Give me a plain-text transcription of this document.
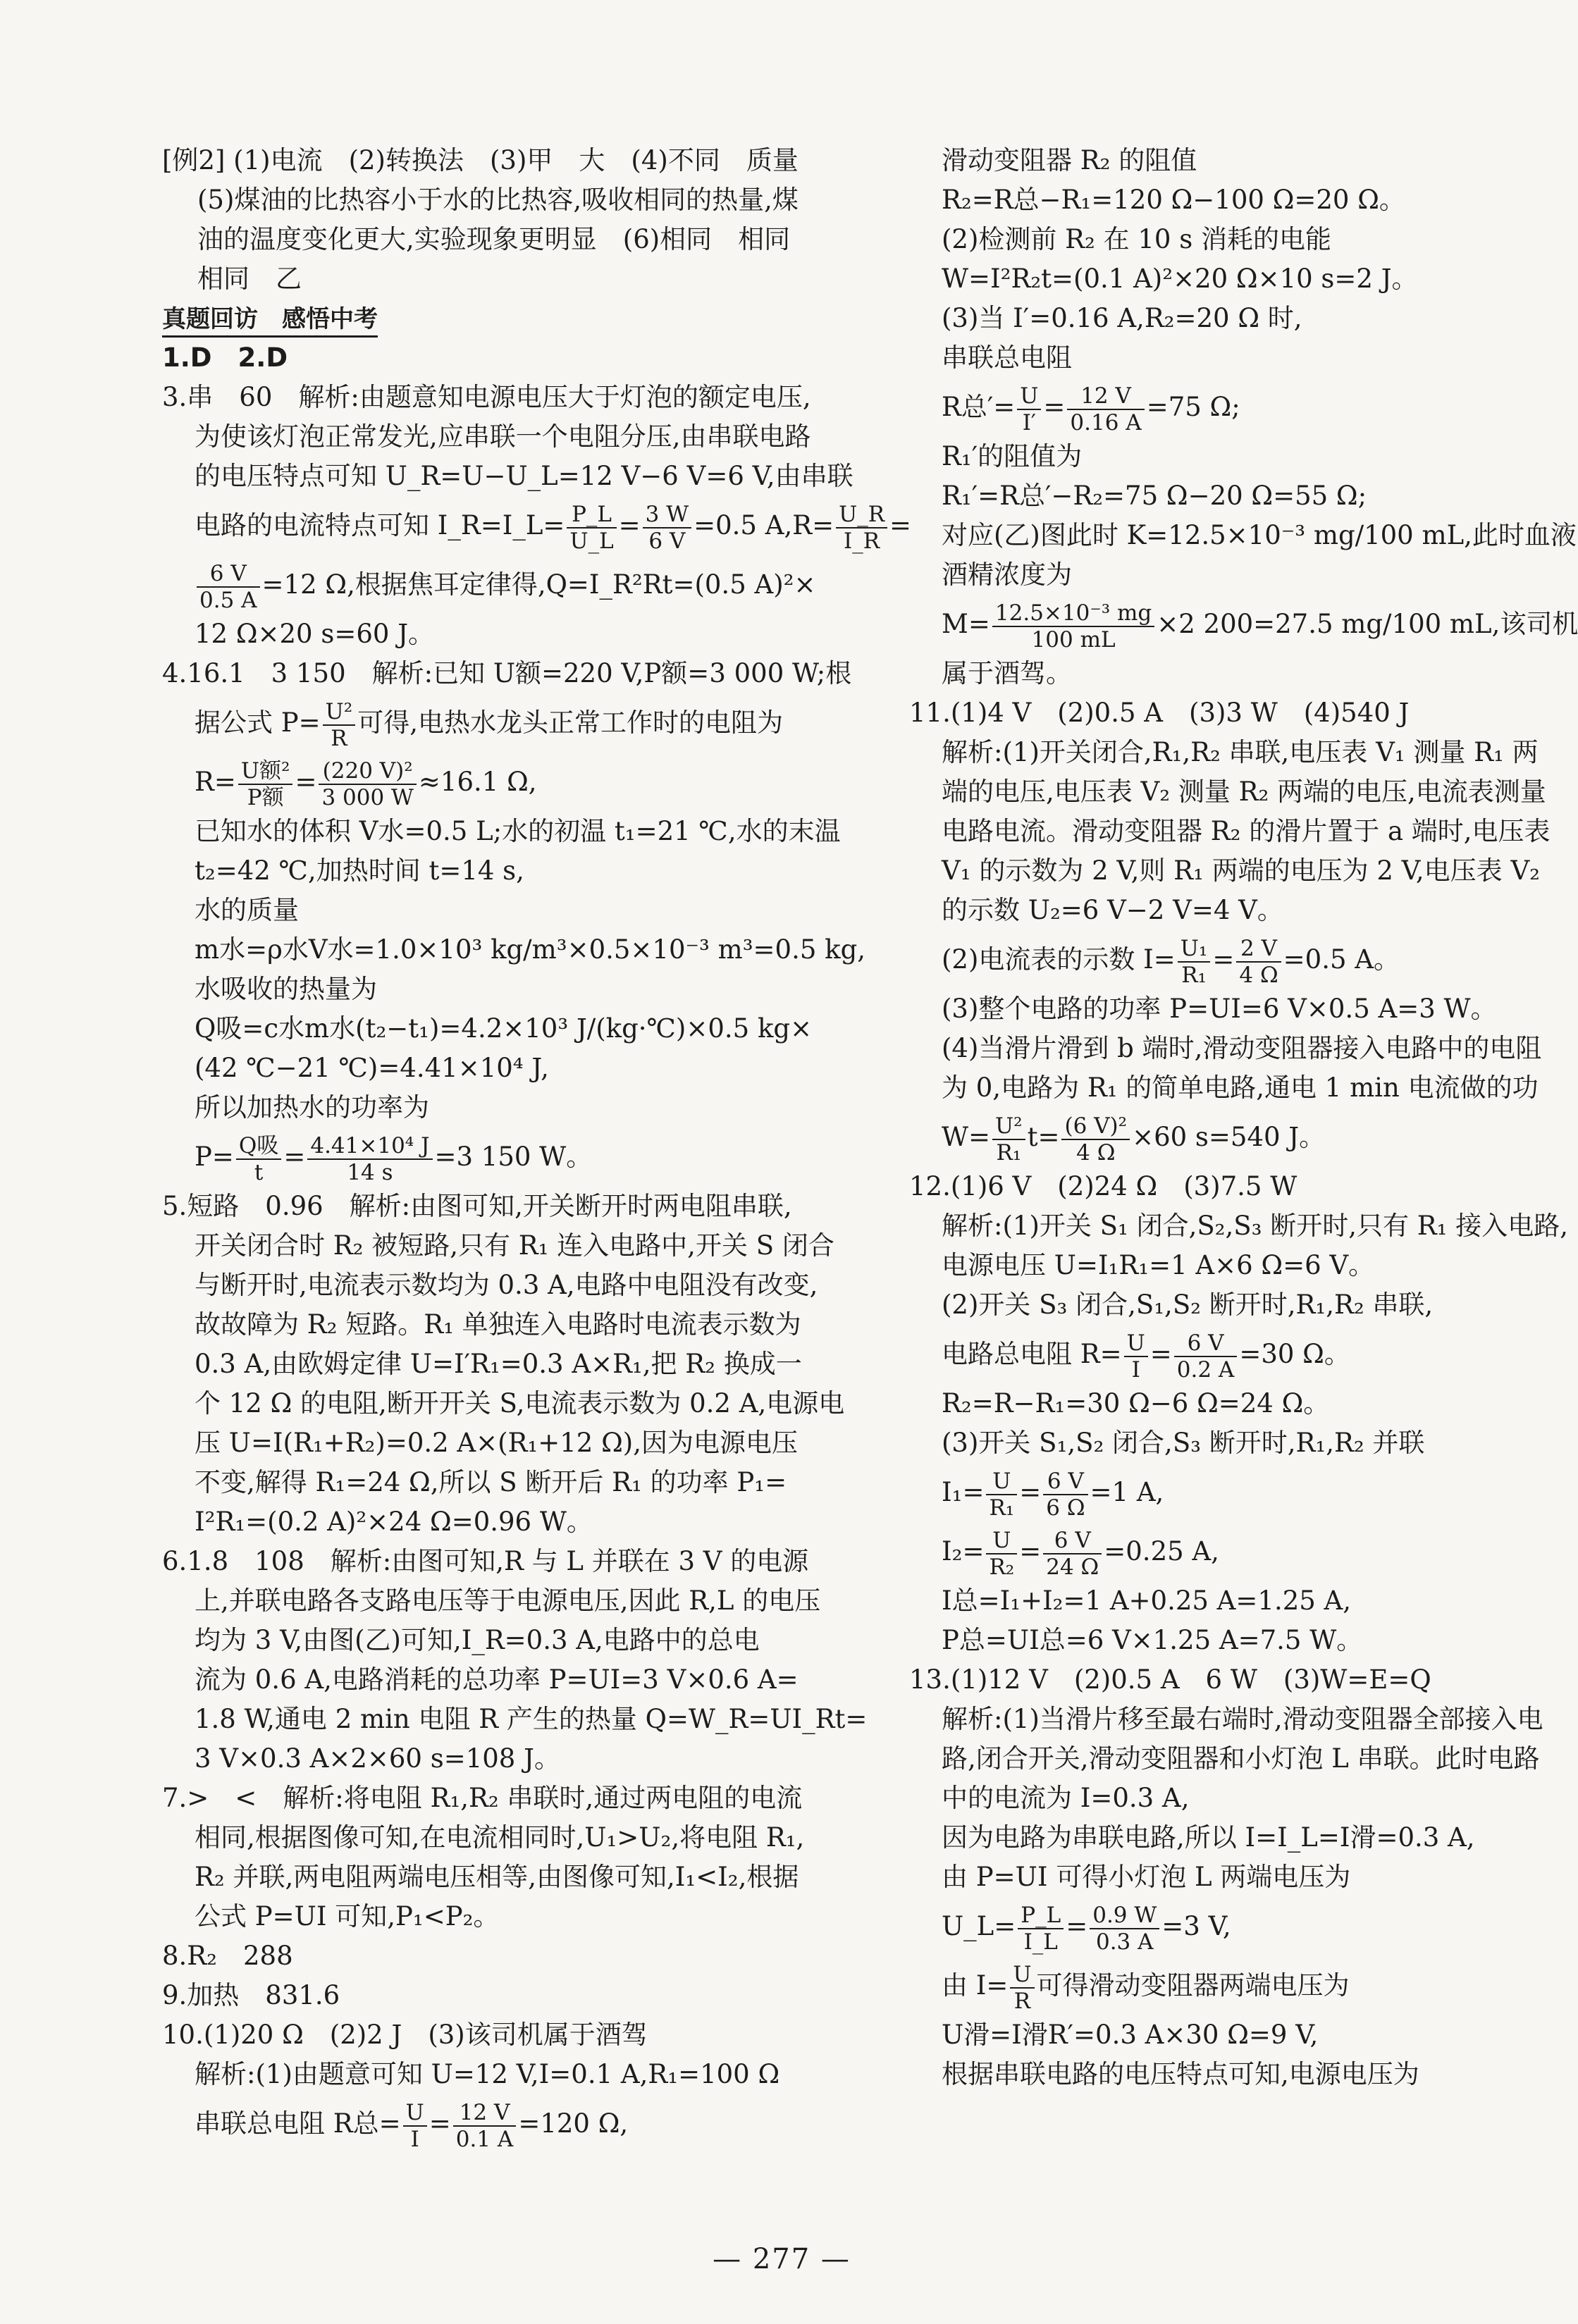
[例2] (1)电流　(2)转换法　(3)甲　大　(4)不同　质量
(5)煤油的比热容小于水的比热容,吸收相同的热量,煤
油的温度变化更大,实验现象更明显　(6)相同　相同
相同　乙
真题回访　感悟中考
1.D　2.D
3.串　60　解析:由题意知电源电压大于灯泡的额定电压,
为使该灯泡正常发光,应串联一个电阻分压,由串联电路
的电压特点可知 U_R=U−U_L=12 V−6 V=6 V,由串联
电路的电流特点可知 I_R=I_L= $\frac{P\_L}{U\_L} = \frac{3 W}{6 V} =0.5$ $A,R= \frac{U\_R}{I\_R}$ =
$\frac{6 V}{0.5 A} =12$ Ω,根据焦耳定律得,Q=I_R²Rt=(0.5 A)²×
12 Ω×20 s=60 J。
4.16.1　3 150　解析:已知 U额=220 V,P额=3 000 W;根
据公式 $P= \frac{\text{U²}}{R}$ 可得,电热水龙头正常工作时的电阻为
$R= \frac{\text{U额²}}{\text{P额}} = \frac{\text{(220 V)²}}{3 000 W} \approx 16.1$ Ω,
已知水的体积 V水=0.5 L;水的初温 t₁=21 ℃,水的末温
t₂=42 ℃,加热时间 t=14 s,
水的质量
m水=ρ水V水=1.0×10³ kg/m³×0.5×10⁻³ m³=0.5 kg,
水吸收的热量为
Q吸=c水m水(t₂−t₁)=4.2×10³ J/(kg·℃)×0.5 kg×
(42 ℃−21 ℃)=4.41×10⁴ J,
所以加热水的功率为
$P= \frac{\text{Q吸}}{t} = \frac{\text{4.41×10⁴ J}}{14 s} =3$ 150 W。
5.短路　0.96　解析:由图可知,开关断开时两电阻串联,
开关闭合时 R₂ 被短路,只有 R₁ 连入电路中,开关 S 闭合
与断开时,电流表示数均为 0.3 A,电路中电阻没有改变,
故故障为 R₂ 短路。R₁ 单独连入电路时电流表示数为
0.3 A,由欧姆定律 U=I′R₁=0.3 A×R₁,把 R₂ 换成一
个 12 Ω 的电阻,断开开关 S,电流表示数为 0.2 A,电源电
压 U=I(R₁+R₂)=0.2 A×(R₁+12 Ω),因为电源电压
不变,解得 R₁=24 Ω,所以 S 断开后 R₁ 的功率 P₁=
I²R₁=(0.2 A)²×24 Ω=0.96 W。
6.1.8　108　解析:由图可知,R 与 L 并联在 3 V 的电源
上,并联电路各支路电压等于电源电压,因此 R,L 的电压
均为 3 V,由图(乙)可知,I_R=0.3 A,电路中的总电
流为 0.6 A,电路消耗的总功率 P=UI=3 V×0.6 A=
1.8 W,通电 2 min 电阻 R 产生的热量 Q=W_R=UI_Rt=
3 V×0.3 A×2×60 s=108 J。
7.>　<　解析:将电阻 R₁,R₂ 串联时,通过两电阻的电流
相同,根据图像可知,在电流相同时,U₁>U₂,将电阻 R₁,
R₂ 并联,两电阻两端电压相等,由图像可知,I₁<I₂,根据
公式 P=UI 可知,P₁<P₂。
8.R₂　288
9.加热　831.6
10.(1)20 Ω　(2)2 J　(3)该司机属于酒驾
解析:(1)由题意可知 U=12 V,I=0.1 A,R₁=100 Ω
串联总电阻 R总= $\frac{U}{I} = \frac{12 V}{0.1 A} =120$ Ω,
滑动变阻器 R₂ 的阻值
R₂=R总−R₁=120 Ω−100 Ω=20 Ω。
(2)检测前 R₂ 在 10 s 消耗的电能
W=I²R₂t=(0.1 A)²×20 Ω×10 s=2 J。
(3)当 I′=0.16 A,R₂=20 Ω 时,
串联总电阻
R总′= $\frac{U}{I'} = \frac{12 V}{0.16 A} =75$ Ω;
R₁′的阻值为
R₁′=R总′−R₂=75 Ω−20 Ω=55 Ω;
对应(乙)图此时 K=12.5×10⁻³ mg/100 mL,此时血液
酒精浓度为
$M= \frac{\text{12.5×10⁻³ mg}}{100 mL} \times 2$ 200=27.5 mg/100 mL,该司机
属于酒驾。
11.(1)4 V　(2)0.5 A　(3)3 W　(4)540 J
解析:(1)开关闭合,R₁,R₂ 串联,电压表 V₁ 测量 R₁ 两
端的电压,电压表 V₂ 测量 R₂ 两端的电压,电流表测量
电路电流。滑动变阻器 R₂ 的滑片置于 a 端时,电压表
V₁ 的示数为 2 V,则 R₁ 两端的电压为 2 V,电压表 V₂
的示数 U₂=6 V−2 V=4 V。
(2)电流表的示数 $I= \frac{\text{U₁}}{\text{R₁}} = \frac{2 V}{4 \Omega} =0.5$ A。
(3)整个电路的功率 P=UI=6 V×0.5 A=3 W。
(4)当滑片滑到 b 端时,滑动变阻器接入电路中的电阻
为 0,电路为 R₁ 的简单电路,通电 1 min 电流做的功
$W= \frac{\text{U²}}{\text{R₁}} t= \frac{\text{(6 V)²}}{4 \Omega} \times 60$ s=540 J。
12.(1)6 V　(2)24 Ω　(3)7.5 W
解析:(1)开关 S₁ 闭合,S₂,S₃ 断开时,只有 R₁ 接入电路,
电源电压 U=I₁R₁=1 A×6 Ω=6 V。
(2)开关 S₃ 闭合,S₁,S₂ 断开时,R₁,R₂ 串联,
电路总电阻 $R= \frac{U}{I} = \frac{6 V}{0.2 A} =30$ Ω。
R₂=R−R₁=30 Ω−6 Ω=24 Ω。
(3)开关 S₁,S₂ 闭合,S₃ 断开时,R₁,R₂ 并联
$I_1= \frac{U}{\text{R₁}} = \frac{6 V}{6 \Omega} =1$ A,
$I_2= \frac{U}{\text{R₂}} = \frac{6 V}{24 \Omega} =0.25$ A,
I总=I₁+I₂=1 A+0.25 A=1.25 A,
P总=UI总=6 V×1.25 A=7.5 W。
13.(1)12 V　(2)0.5 A　6 W　(3)W=E=Q
解析:(1)当滑片移至最右端时,滑动变阻器全部接入电
路,闭合开关,滑动变阻器和小灯泡 L 串联。此时电路
中的电流为 I=0.3 A,
因为电路为串联电路,所以 I=I_L=I滑=0.3 A,
由 P=UI 可得小灯泡 L 两端电压为
U_L= $\frac{P\_L}{I\_L} = \frac{0.9 W}{0.3 A} =3$ V,
由 $I= \frac{U}{R}$ 可得滑动变阻器两端电压为
U滑=I滑R′=0.3 A×30 Ω=9 V,
根据串联电路的电压特点可知,电源电压为
— 277 —
